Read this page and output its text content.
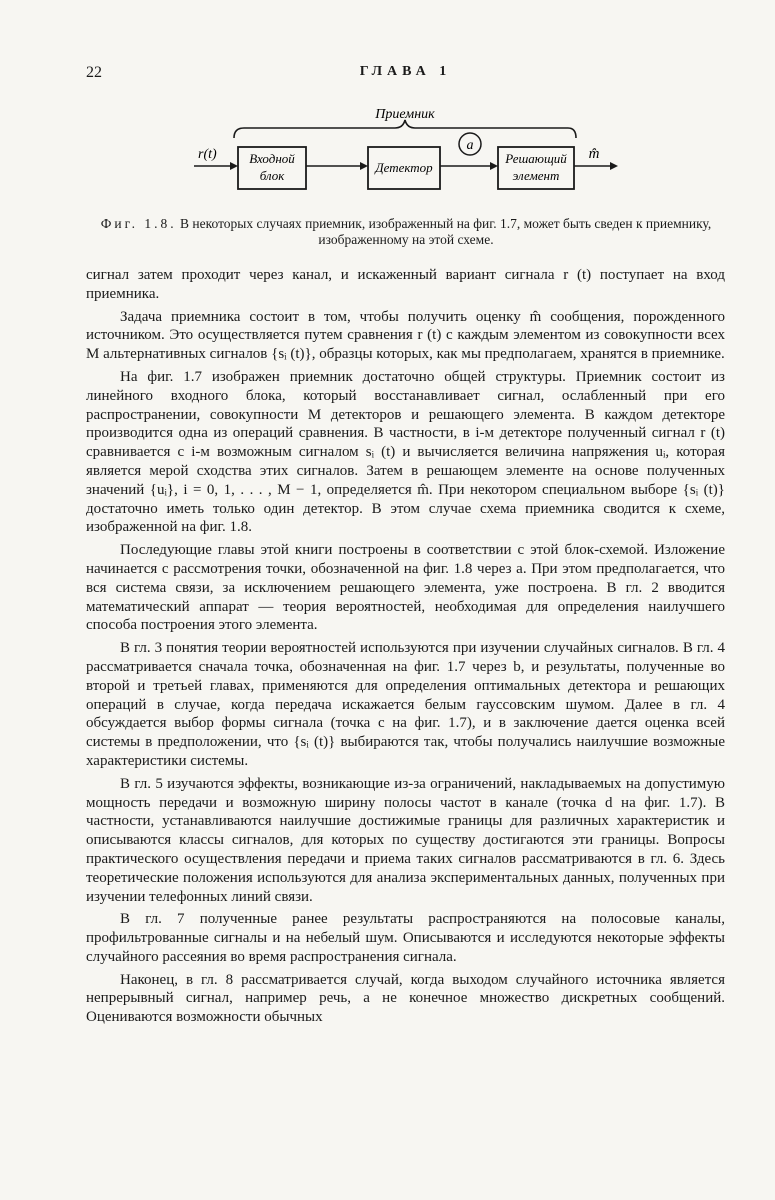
22	ГЛАВА 1
Приемник
r(t)	Входной
блок
Детектор
a
Решающий
элемент
m̂
Фиг. 1.8. В некоторых случаях приемник, изображенный на фиг. 1.7, может быть сведен к приемнику, изображенному на этой схеме.

сигнал затем проходит через канал, и искаженный вариант сигнала r (t) поступает на вход приемника.

Задача приемника состоит в том, чтобы получить оценку m̂ сообщения, порожденного источником. Это осуществляется путем сравнения r (t) с каждым элементом из совокупности всех M альтернативных сигналов {sᵢ (t)}, образцы которых, как мы предполагаем, хранятся в приемнике.

На фиг. 1.7 изображен приемник достаточно общей структуры. Приемник состоит из линейного входного блока, который восстанавливает сигнал, ослабленный при его распространении, совокупности M детекторов и решающего элемента. В каждом детекторе производится одна из операций сравнения. В частности, в i-м детекторе полученный сигнал r (t) сравнивается с i-м возможным сигналом sᵢ (t) и вычисляется величина напряжения uᵢ, которая является мерой сходства этих сигналов. Затем в решающем элементе на основе полученных значений {uᵢ}, i = 0, 1, . . . , M − 1, определяется m̂. При некотором специальном выборе {sᵢ (t)} достаточно иметь только один детектор. В этом случае схема приемника сводится к схеме, изображенной на фиг. 1.8.

Последующие главы этой книги построены в соответствии с этой блок-схемой. Изложение начинается с рассмотрения точки, обозначенной на фиг. 1.8 через a. При этом предполагается, что вся система связи, за исключением решающего элемента, уже построена. В гл. 2 вводится математический аппарат — теория вероятностей, необходимая для определения наилучшего способа построения этого элемента.

В гл. 3 понятия теории вероятностей используются при изучении случайных сигналов. В гл. 4 рассматривается сначала точка, обозначенная на фиг. 1.7 через b, и результаты, полученные во второй и третьей главах, применяются для определения оптимальных детектора и решающих операций в случае, когда передача искажается белым гауссовским шумом. Далее в гл. 4 обсуждается выбор формы сигнала (точка c на фиг. 1.7), и в заключение дается оценка всей системы в предположении, что {sᵢ (t)} выбираются так, чтобы получались наилучшие возможные характеристики системы.

В гл. 5 изучаются эффекты, возникающие из-за ограничений, накладываемых на допустимую мощность передачи и возможную ширину полосы частот в канале (точка d на фиг. 1.7). В частности, устанавливаются наилучшие достижимые границы для различных характеристик и описываются классы сигналов, для которых по существу достигаются эти границы. Вопросы практического осуществления передачи и приема таких сигналов рассматриваются в гл. 6. Здесь теоретические положения используются для анализа экспериментальных данных, полученных при изучении телефонных линий связи.

В гл. 7 полученные ранее результаты распространяются на полосовые каналы, профильтрованные сигналы и на небелый шум. Описываются и исследуются некоторые эффекты случайного рассеяния во время распространения сигнала.

Наконец, в гл. 8 рассматривается случай, когда выходом случайного источника является непрерывный сигнал, например речь, а не конечное множество дискретных сообщений. Оцениваются возможности обычных
